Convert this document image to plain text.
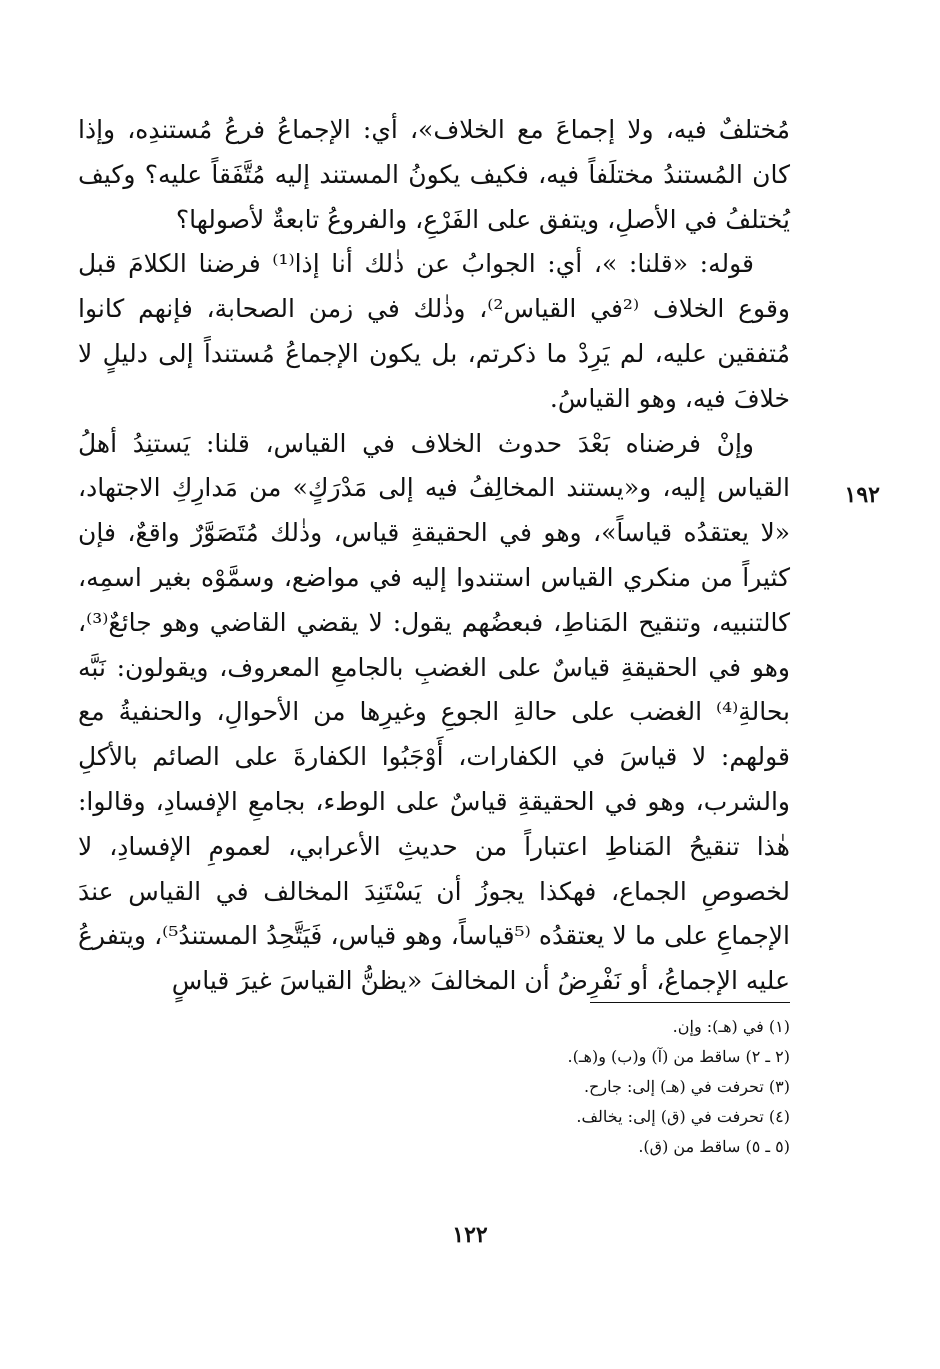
مُختلفٌ فيه، ولا إجماعَ مع الخلاف»، أي: الإجماعُ فرعُ مُستندِه، وإذا كان المُستندُ مختلَفاً فيه، فكيف يكونُ المستند إليه مُتَّفَقاً عليه؟ وكيف يُختلفُ في الأصلِ، ويتفق على الفَرْعِ، والفروعُ تابعةٌ لأصولها؟

قوله: «قلنا: »، أي: الجوابُ عن ذٰلك أنا إذا⁽¹⁾ فرضنا الكلامَ قبل وقوع الخلاف ⁽²في القياس²⁾، وذٰلك في زمن الصحابة، فإنهم كانوا مُتفقين عليه، لم يَرِدْ ما ذكرتم، بل يكون الإجماعُ مُستنداً إلى دليلٍ لا خلافَ فيه، وهو القياسُ.

وإنْ فرضناه بَعْدَ حدوث الخلاف في القياس، قلنا: يَستنِدُ أهلُ القياس إليه، و«يستند المخالِفُ فيه إلى مَدْرَكٍ» من مَدارِكِ الاجتهاد، «لا يعتقدُه قياساً»، وهو في الحقيقةِ قياس، وذٰلك مُتَصَوَّرٌ واقعٌ، فإن كثيراً من منكري القياس استندوا إليه في مواضع، وسمَّوْه بغير اسمِه، كالتنبيه، وتنقيح المَناطِ، فبعضُهم يقول: لا يقضي القاضي وهو جائعٌ⁽³⁾، وهو في الحقيقةِ قياسٌ على الغضبِ بالجامعِ المعروف، ويقولون: نَبَّه بحالةِ⁽⁴⁾ الغضب على حالةِ الجوعِ وغيرِها من الأحوالِ، والحنفيةُ مع قولهم: لا قياسَ في الكفارات، أَوْجَبُوا الكفارةَ على الصائم بالأكلِ والشرب، وهو في الحقيقةِ قياسٌ على الوطء، بجامعِ الإفسادِ، وقالوا: هٰذا تنقيحُ المَناطِ اعتباراً من حديثِ الأعرابي، لعمومِ الإفسادِ، لا لخصوصِ الجماع، فهكذا يجوزُ أن يَسْتَنِدَ المخالف في القياس عندَ الإجماعِ على ما لا يعتقدُه ⁽⁵قياساً، وهو قياس، فَيَتَّحِدُ المستندُ⁵⁾، ويتفرعُ عليه الإجماعُ، أو نَفْرِضُ أن المخالفَ «يظنُّ القياسَ غيرَ قياسٍ

١٩٢
(١) في (هـ): وإن.
(٢ ـ ٢) ساقط من (آ) و(ب) و(هـ).
(٣) تحرفت في (هـ) إلى: جارح.
(٤) تحرفت في (ق) إلى: يخالف.
(٥ ـ ٥) ساقط من (ق).
١٢٢
